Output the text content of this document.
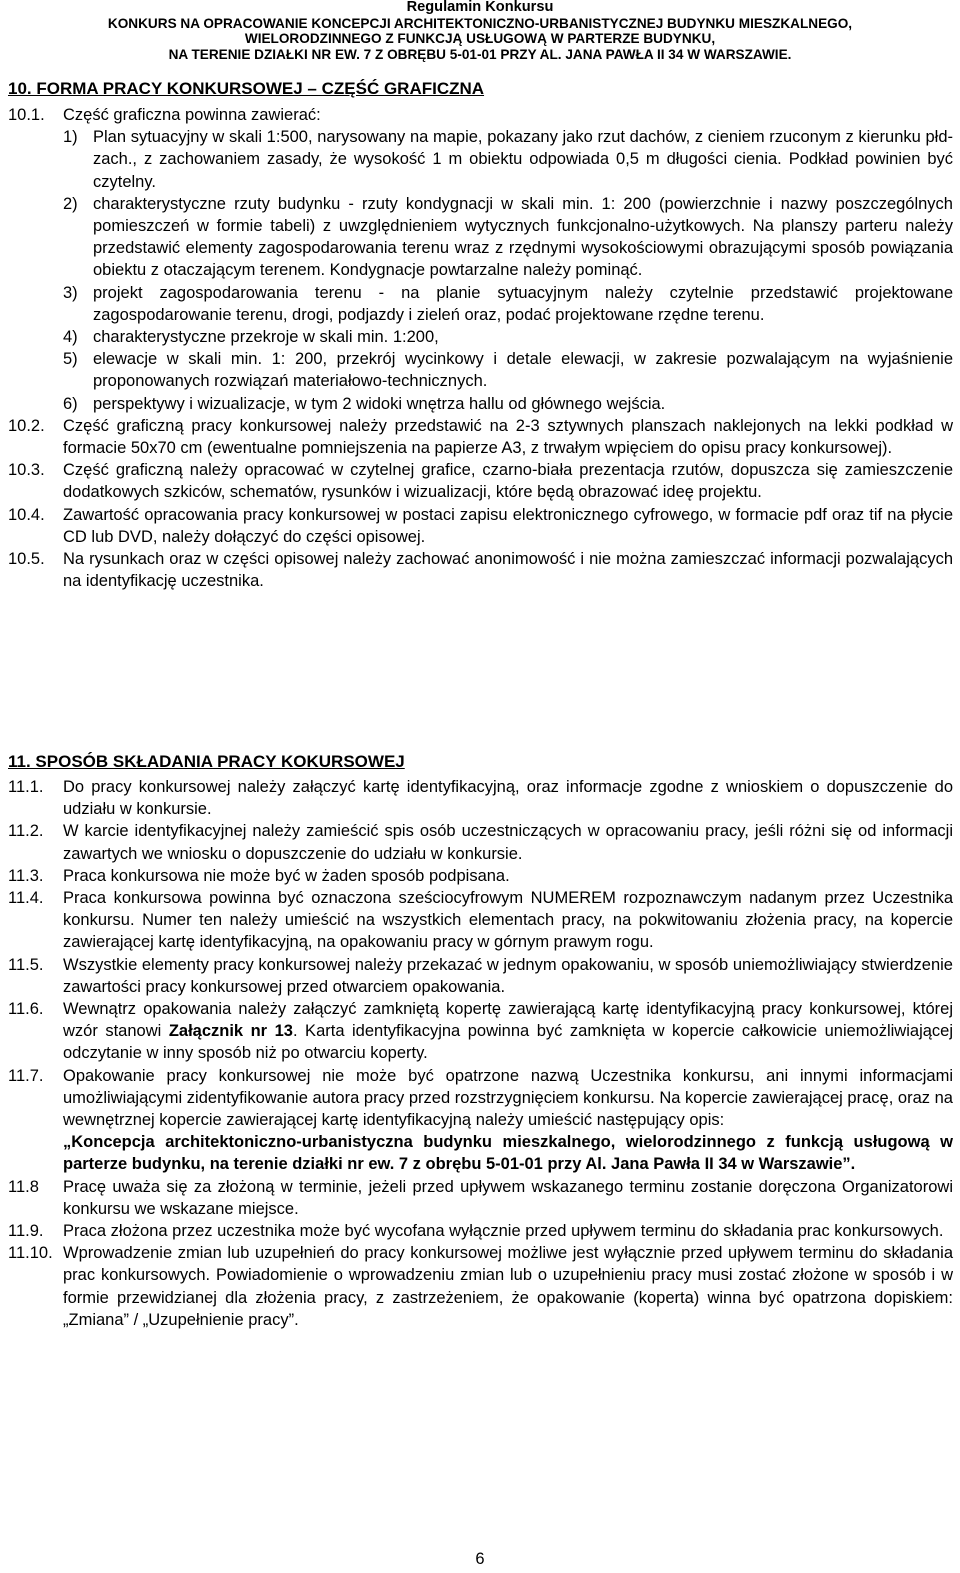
Regulamin Konkursu
KONKURS NA OPRACOWANIE KONCEPCJI ARCHITEKTONICZNO-URBANISTYCZNEJ BUDYNKU MIESZKALNEGO,
WIELORODZINNEGO Z FUNKCJĄ USŁUGOWĄ W PARTERZE BUDYNKU,
NA TERENIE DZIAŁKI NR EW. 7 Z OBRĘBU 5-01-01 PRZY AL. JANA PAWŁA II 34 W WARSZAWIE.
10. FORMA PRACY KONKURSOWEJ – CZĘŚĆ GRAFICZNA
10.1.	Część graficzna powinna zawierać:
1) Plan sytuacyjny w skali 1:500, narysowany na mapie, pokazany jako rzut dachów, z cieniem rzuconym z kierunku płd-zach., z zachowaniem zasady, że wysokość 1 m obiektu odpowiada 0,5 m długości cienia. Podkład powinien być czytelny.
2) charakterystyczne rzuty budynku - rzuty kondygnacji w skali min. 1: 200 (powierzchnie i nazwy poszczególnych pomieszczeń w formie tabeli) z uwzględnieniem wytycznych funkcjonalno-użytkowych. Na planszy parteru należy przedstawić elementy zagospodarowania terenu wraz z rzędnymi wysokościowymi obrazującymi sposób powiązania obiektu z otaczającym terenem. Kondygnacje powtarzalne należy pominąć.
3) projekt zagospodarowania terenu - na planie sytuacyjnym należy czytelnie przedstawić projektowane zagospodarowanie terenu, drogi, podjazdy i zieleń oraz, podać projektowane rzędne terenu.
4) charakterystyczne przekroje w skali min. 1:200,
5) elewacje w skali min. 1: 200, przekrój wycinkowy i detale elewacji, w zakresie pozwalającym na wyjaśnienie proponowanych rozwiązań materiałowo-technicznych.
6) perspektywy i wizualizacje, w tym 2 widoki wnętrza hallu od głównego wejścia.
10.2.	Część graficzną pracy konkursowej należy przedstawić na 2-3 sztywnych planszach naklejonych na lekki podkład w formacie 50x70 cm (ewentualne pomniejszenia na papierze A3, z trwałym wpięciem do opisu pracy konkursowej).
10.3.	Część graficzną należy opracować w czytelnej grafice, czarno-biała prezentacja rzutów, dopuszcza się zamieszczenie dodatkowych szkiców, schematów, rysunków i wizualizacji, które będą obrazować ideę projektu.
10.4.	Zawartość opracowania pracy konkursowej w postaci zapisu elektronicznego cyfrowego, w formacie pdf oraz tif na płycie CD lub DVD, należy dołączyć do części opisowej.
10.5.	Na rysunkach oraz w części opisowej należy zachować anonimowość i nie można zamieszczać informacji pozwalających na identyfikację uczestnika.
11. SPOSÓB SKŁADANIA PRACY KOKURSOWEJ
11.1.	Do pracy konkursowej należy załączyć kartę identyfikacyjną, oraz informacje zgodne z wnioskiem o dopuszczenie do udziału w konkursie.
11.2.	W karcie identyfikacyjnej należy zamieścić spis osób uczestniczących w opracowaniu pracy, jeśli różni się od informacji zawartych we wniosku o dopuszczenie do udziału w konkursie.
11.3.	Praca konkursowa nie może być w żaden sposób podpisana.
11.4.	Praca konkursowa powinna być oznaczona sześciocyfrowym NUMEREM rozpoznawczym nadanym przez Uczestnika konkursu. Numer ten należy umieścić na wszystkich elementach pracy, na pokwitowaniu złożenia pracy, na kopercie zawierającej kartę identyfikacyjną, na opakowaniu pracy w górnym prawym rogu.
11.5.	Wszystkie elementy pracy konkursowej należy przekazać w jednym opakowaniu, w sposób uniemożliwiający stwierdzenie zawartości pracy konkursowej przed otwarciem opakowania.
11.6.	Wewnątrz opakowania należy załączyć zamkniętą kopertę zawierającą kartę identyfikacyjną pracy konkursowej, której wzór stanowi Załącznik nr 13. Karta identyfikacyjna powinna być zamknięta w kopercie całkowicie uniemożliwiającej odczytanie w inny sposób niż po otwarciu koperty.
11.7.	Opakowanie pracy konkursowej nie może być opatrzone nazwą Uczestnika konkursu, ani innymi informacjami umożliwiającymi zidentyfikowanie autora pracy przed rozstrzygnięciem konkursu. Na kopercie zawierającej pracę, oraz na wewnętrznej kopercie zawierającej kartę identyfikacyjną należy umieścić następujący opis:
„Koncepcja architektoniczno-urbanistyczna budynku mieszkalnego, wielorodzinnego z funkcją usługową w parterze budynku, na terenie działki nr ew. 7 z obrębu 5-01-01 przy Al. Jana Pawła II 34 w Warszawie”.
11.8	Pracę uważa się za złożoną w terminie, jeżeli przed upływem wskazanego terminu zostanie doręczona Organizatorowi konkursu we wskazane miejsce.
11.9.	Praca złożona przez uczestnika może być wycofana wyłącznie przed upływem terminu do składania prac konkursowych.
11.10. Wprowadzenie zmian lub uzupełnień do pracy konkursowej możliwe jest wyłącznie przed upływem terminu do składania prac konkursowych. Powiadomienie o wprowadzeniu zmian lub o uzupełnieniu pracy musi zostać złożone w sposób i w formie przewidzianej dla złożenia pracy, z zastrzeżeniem, że opakowanie (koperta) winna być opatrzona dopiskiem: „Zmiana” / „Uzupełnienie pracy”.
6
